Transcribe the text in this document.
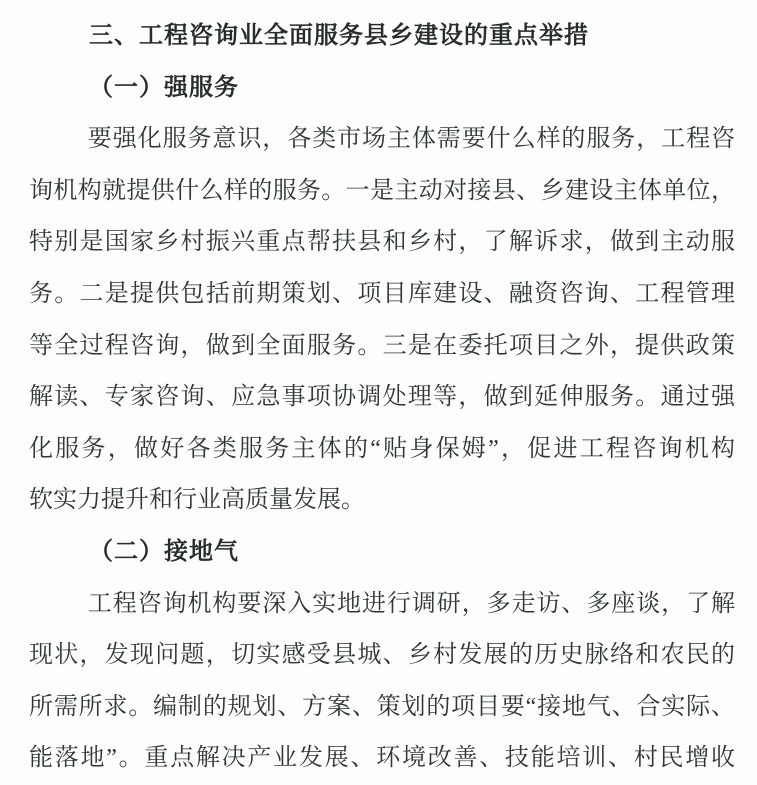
三、工程咨询业全面服务县乡建设的重点举措
（一）强服务
要强化服务意识，各类市场主体需要什么样的服务，工程咨
询机构就提供什么样的服务。一是主动对接县、乡建设主体单位，
特别是国家乡村振兴重点帮扶县和乡村，了解诉求，做到主动服
务。二是提供包括前期策划、项目库建设、融资咨询、工程管理
等全过程咨询，做到全面服务。三是在委托项目之外，提供政策
解读、专家咨询、应急事项协调处理等，做到延伸服务。通过强
化服务，做好各类服务主体的“贴身保姆”，促进工程咨询机构
软实力提升和行业高质量发展。
（二）接地气
工程咨询机构要深入实地进行调研，多走访、多座谈，了解
现状，发现问题，切实感受县城、乡村发展的历史脉络和农民的
所需所求。编制的规划、方案、策划的项目要“接地气、合实际、
能落地”。重点解决产业发展、环境改善、技能培训、村民增收
